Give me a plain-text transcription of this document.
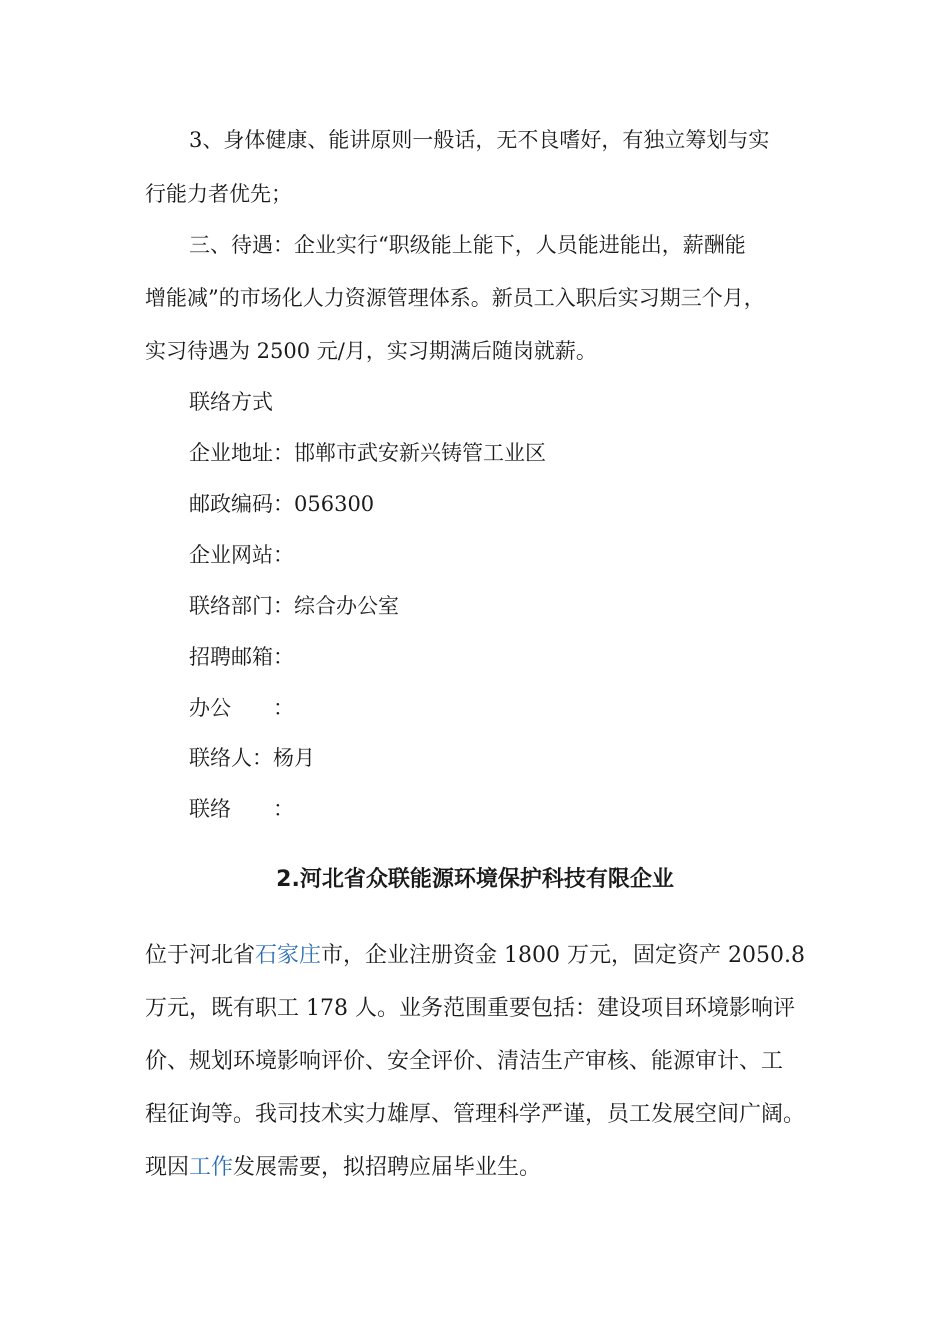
3、身体健康、能讲原则一般话，无不良嗜好，有独立筹划与实

行能力者优先；

三、待遇：企业实行“职级能上能下，人员能进能出，薪酬能

增能减”的市场化人力资源管理体系。新员工入职后实习期三个月，

实习待遇为 2500 元/月，实习期满后随岗就薪。

联络方式

企业地址：邯郸市武安新兴铸管工业区

邮政编码：056300

企业网站：

联络部门：综合办公室

招聘邮箱：

办公　　：

联络人：杨月

联络　　：

2.河北省众联能源环境保护科技有限企业

位于河北省石家庄市，企业注册资金 1800 万元，固定资产 2050.8

万元，既有职工 178 人。业务范围重要包括：建设项目环境影响评

价、规划环境影响评价、安全评价、清洁生产审核、能源审计、工

程征询等。我司技术实力雄厚、管理科学严谨，员工发展空间广阔。

现因工作发展需要，拟招聘应届毕业生。
